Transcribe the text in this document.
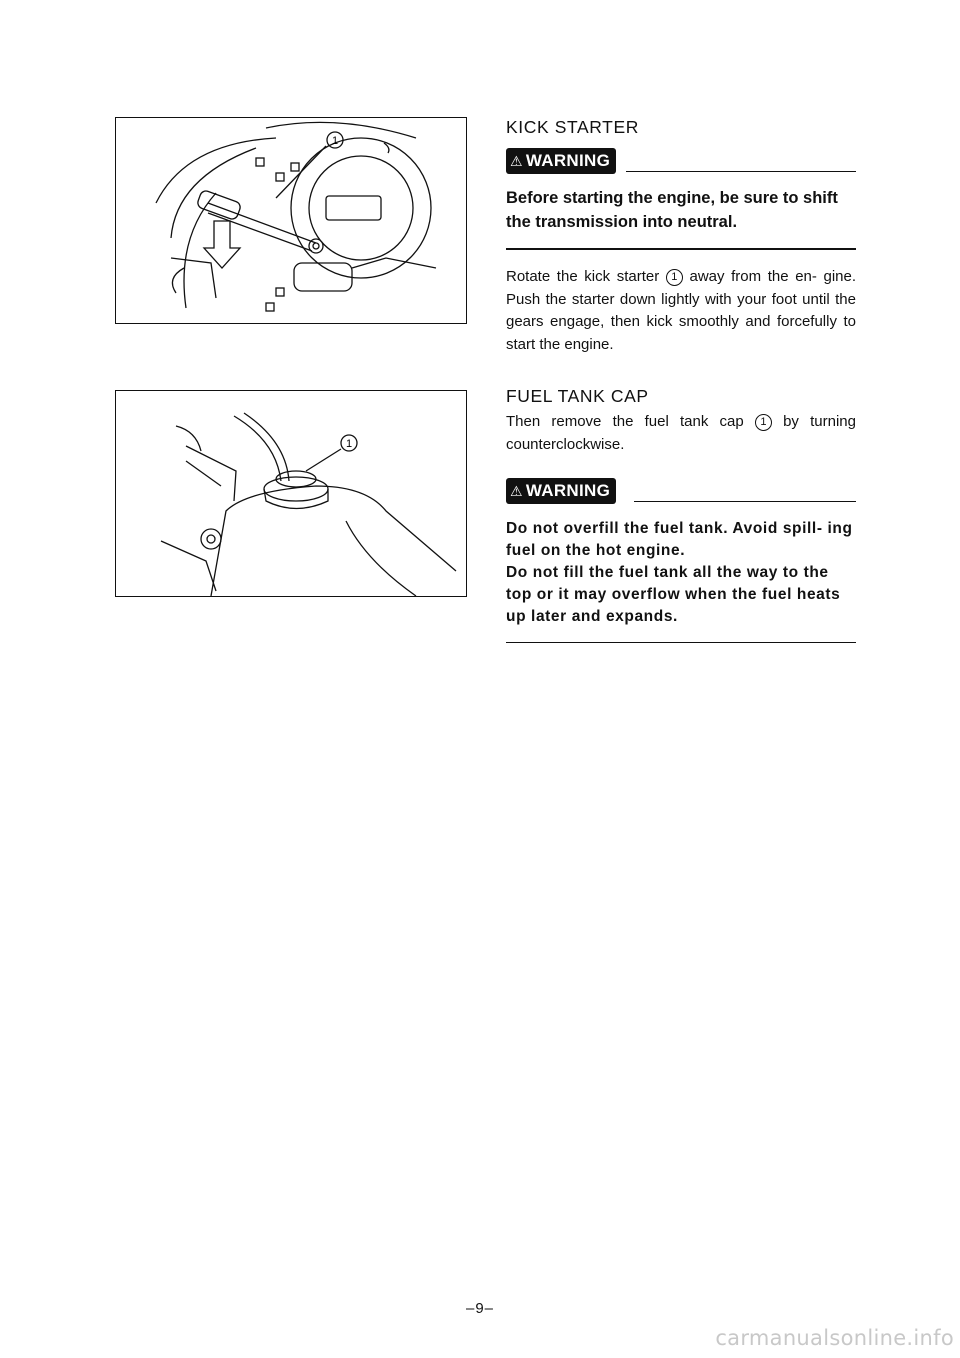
1
1

KICK STARTER

⚠ WARNING

Before starting the engine, be sure to shift the transmission into neutral.

Rotate the kick starter 1 away from the en- gine. Push the starter down lightly with your foot until the gears engage, then kick smoothly and forcefully to start the engine.

FUEL TANK CAP

Then remove the fuel tank cap 1 by turning counterclockwise.

⚠ WARNING

Do not overfill the fuel tank. Avoid spill- ing fuel on the hot engine.

Do not fill the fuel tank all the way to the top or it may overflow when the fuel heats up later and expands.

–9–
carmanualsonline.info
